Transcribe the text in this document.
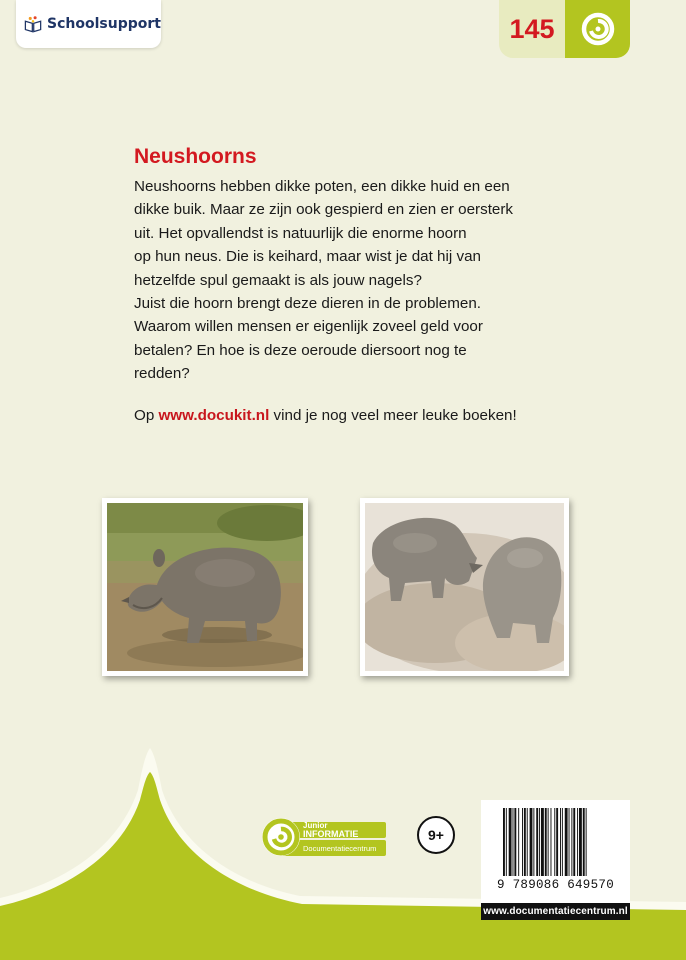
Schoolsupport	145
Neushoorns
Neushoorns hebben dikke poten, een dikke huid en een
dikke buik. Maar ze zijn ook gespierd en zien er oersterk
uit. Het opvallendst is natuurlijk die enorme hoorn
op hun neus. Die is keihard, maar wist je dat hij van
hetzelfde spul gemaakt is als jouw nagels?
Juist die hoorn brengt deze dieren in de problemen.
Waarom willen mensen er eigenlijk zoveel geld voor
betalen? En hoe is deze oeroude diersoort nog te
redden?
Op www.docukit.nl vind je nog veel meer leuke boeken!
Junior
INFORMATIE
Documentatiecentrum
9+
9 789086 649570
www.documentatiecentrum.nl
